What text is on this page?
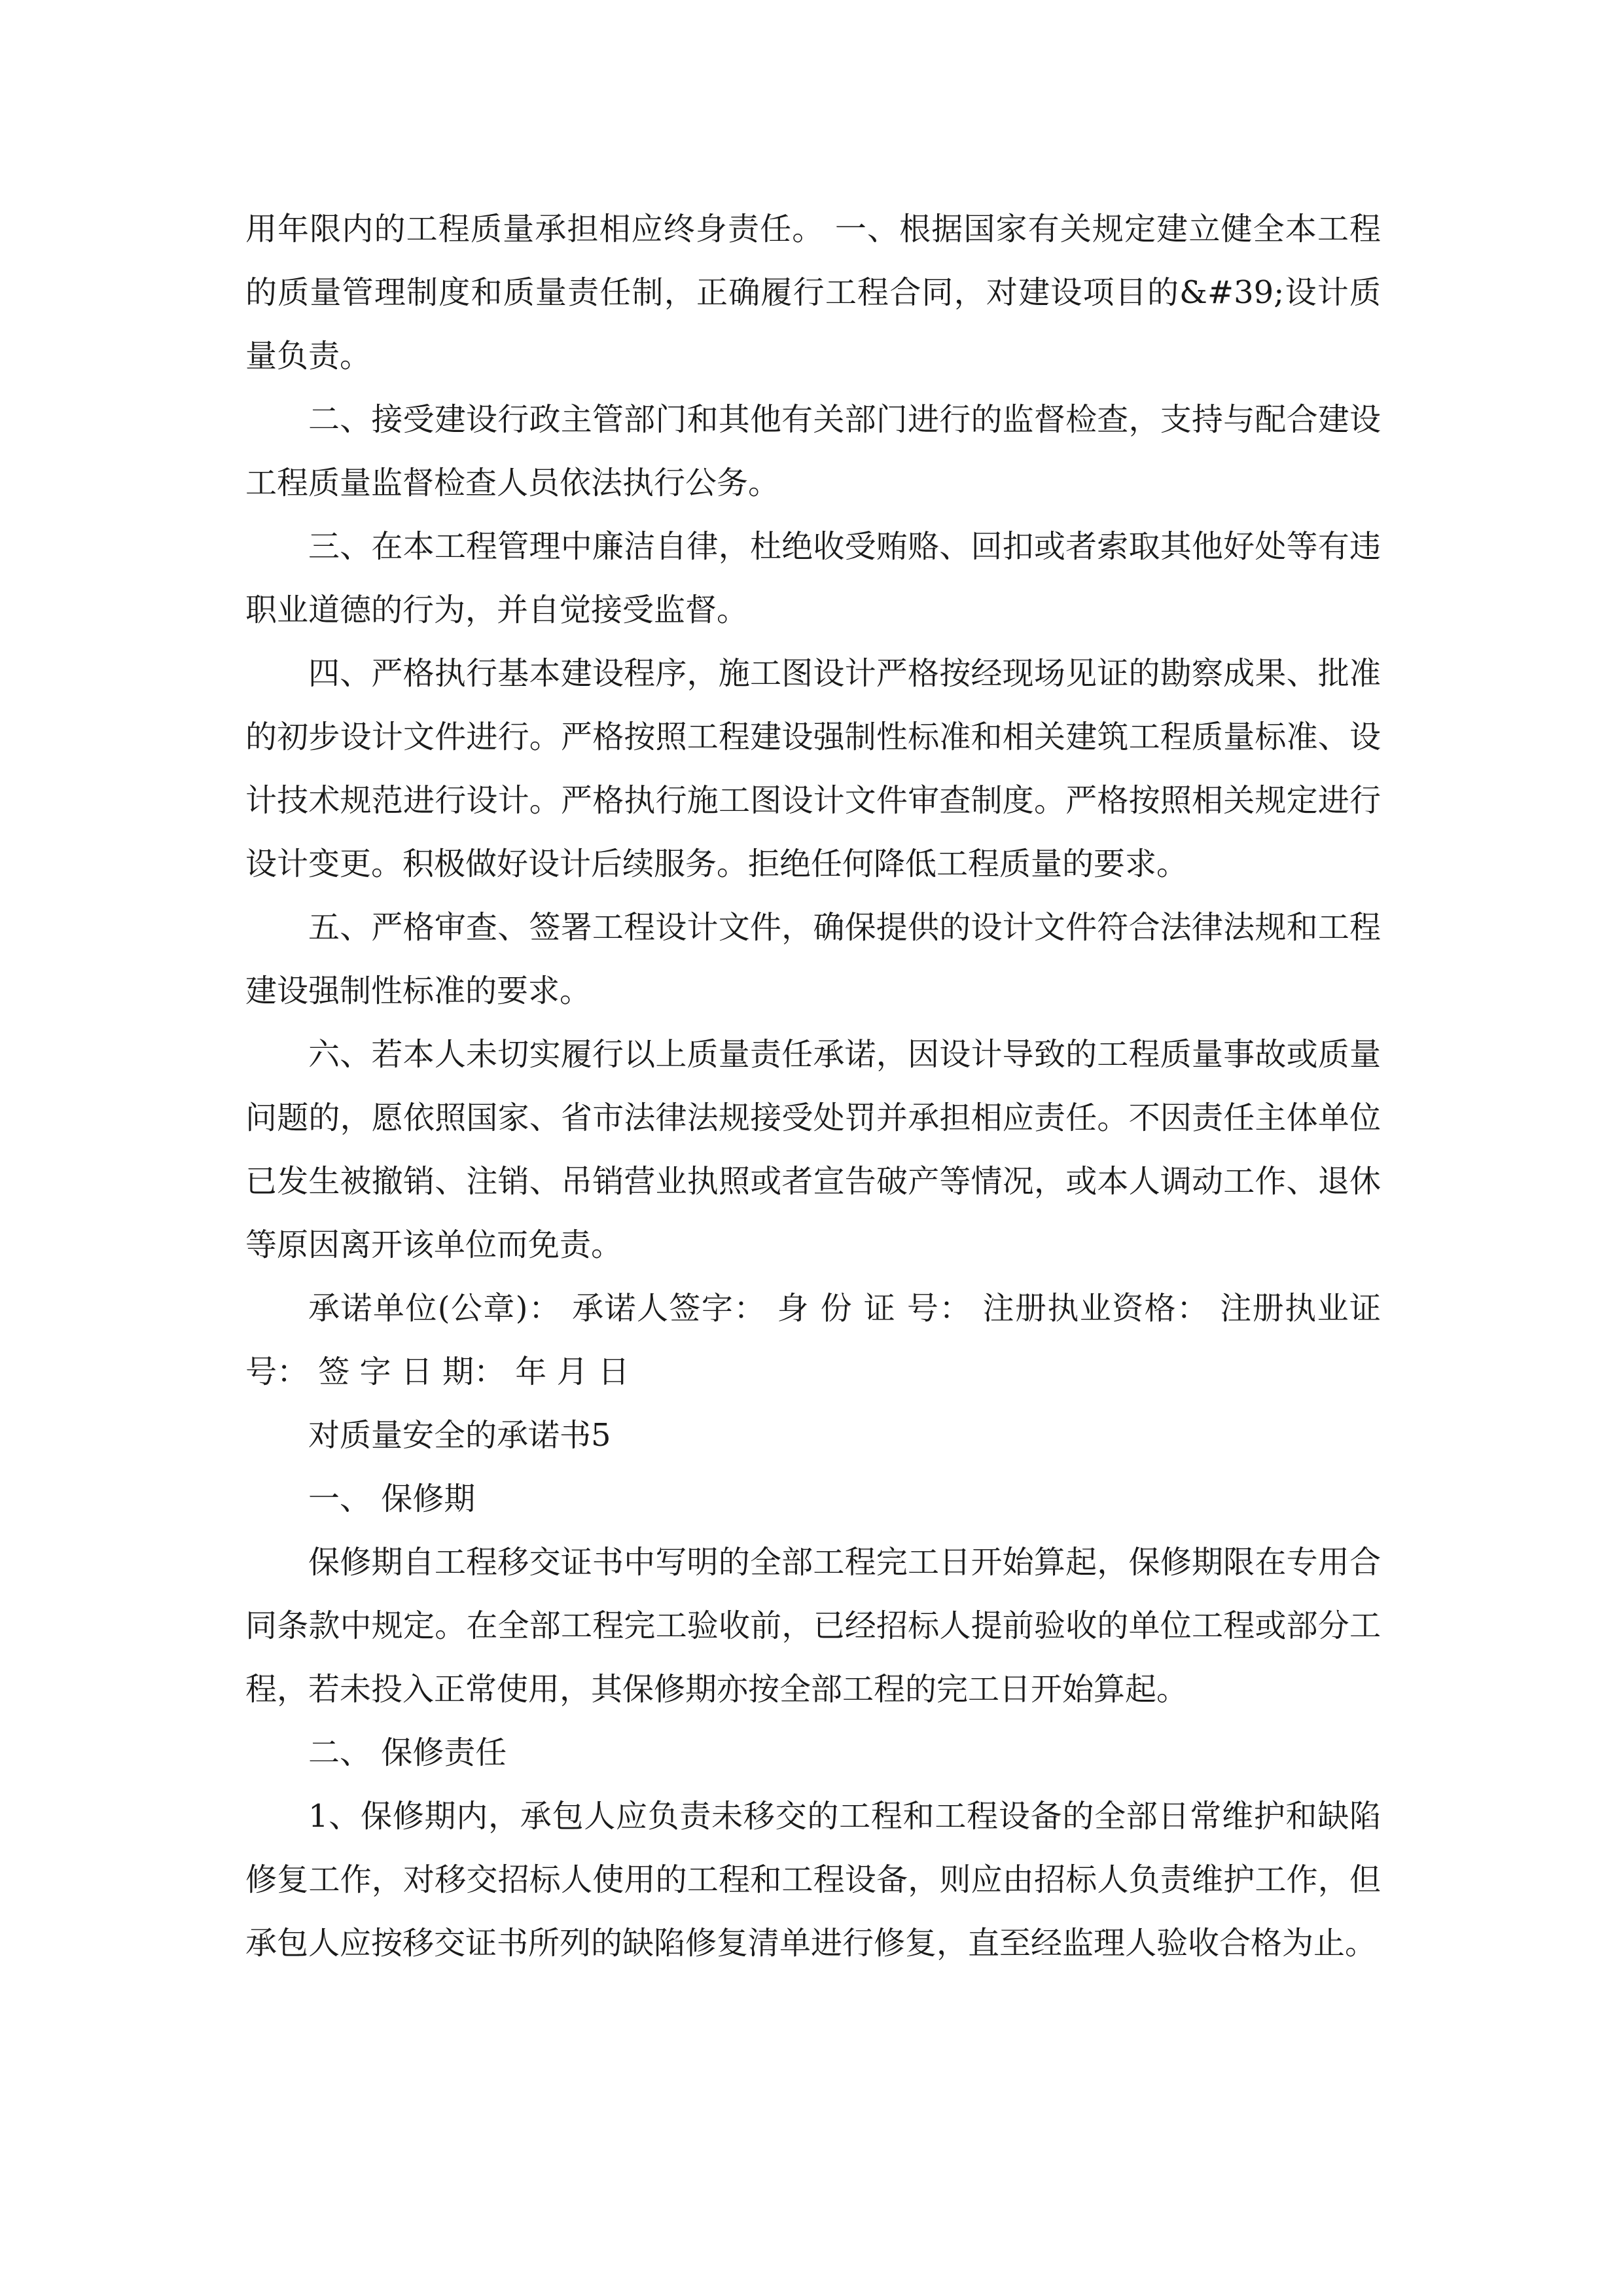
用年限内的工程质量承担相应终身责任。 一、根据国家有关规定建立健全本工程的质量管理制度和质量责任制，正确履行工程合同，对建设项目的&#39;设计质量负责。

二、接受建设行政主管部门和其他有关部门进行的监督检查，支持与配合建设工程质量监督检查人员依法执行公务。

三、在本工程管理中廉洁自律，杜绝收受贿赂、回扣或者索取其他好处等有违职业道德的行为，并自觉接受监督。

四、严格执行基本建设程序，施工图设计严格按经现场见证的勘察成果、批准的初步设计文件进行。严格按照工程建设强制性标准和相关建筑工程质量标准、设计技术规范进行设计。严格执行施工图设计文件审查制度。严格按照相关规定进行设计变更。积极做好设计后续服务。拒绝任何降低工程质量的要求。

五、严格审查、签署工程设计文件，确保提供的设计文件符合法律法规和工程建设强制性标准的要求。

六、若本人未切实履行以上质量责任承诺，因设计导致的工程质量事故或质量问题的，愿依照国家、省市法律法规接受处罚并承担相应责任。不因责任主体单位已发生被撤销、注销、吊销营业执照或者宣告破产等情况，或本人调动工作、退休等原因离开该单位而免责。

承诺单位(公章)： 承诺人签字： 身 份 证 号： 注册执业资格： 注册执业证号： 签 字 日 期： 年 月 日

对质量安全的承诺书5

一、 保修期

保修期自工程移交证书中写明的全部工程完工日开始算起，保修期限在专用合同条款中规定。在全部工程完工验收前，已经招标人提前验收的单位工程或部分工程，若未投入正常使用，其保修期亦按全部工程的完工日开始算起。

二、 保修责任

1、保修期内，承包人应负责未移交的工程和工程设备的全部日常维护和缺陷修复工作，对移交招标人使用的工程和工程设备，则应由招标人负责维护工作，但承包人应按移交证书所列的缺陷修复清单进行修复，直至经监理人验收合格为止。
